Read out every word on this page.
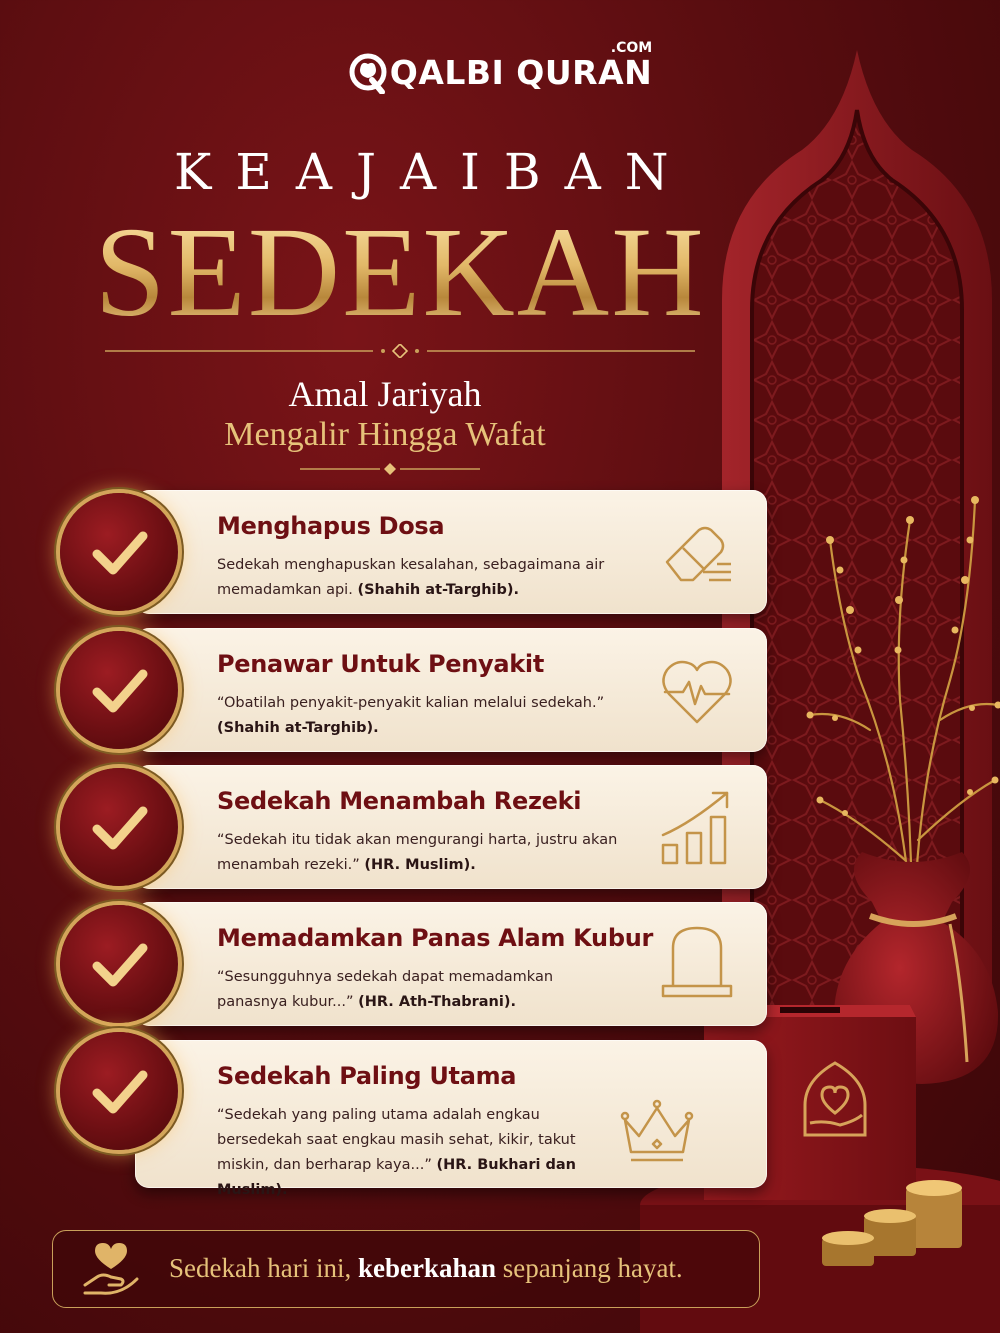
QALBI QURAN
.COM
KEAJAIBAN
SEDEKAH
Amal Jariyah
Mengalir Hingga Wafat
Menghapus Dosa
Sedekah menghapuskan kesalahan, sebagaimana air memadamkan api. (Shahih at-Targhib).
Penawar Untuk Penyakit
“Obatilah penyakit-penyakit kalian melalui sedekah.” (Shahih at-Targhib).
Sedekah Menambah Rezeki
“Sedekah itu tidak akan mengurangi harta, justru akan menambah rezeki.” (HR. Muslim).
Memadamkan Panas Alam Kubur
“Sesungguhnya sedekah dapat memadamkan panasnya kubur...” (HR. Ath-Thabrani).
Sedekah Paling Utama
“Sedekah yang paling utama adalah engkau bersedekah saat engkau masih sehat, kikir, takut miskin, dan berharap kaya...” (HR. Bukhari dan Muslim).
Sedekah hari ini, keberkahan sepanjang hayat.
